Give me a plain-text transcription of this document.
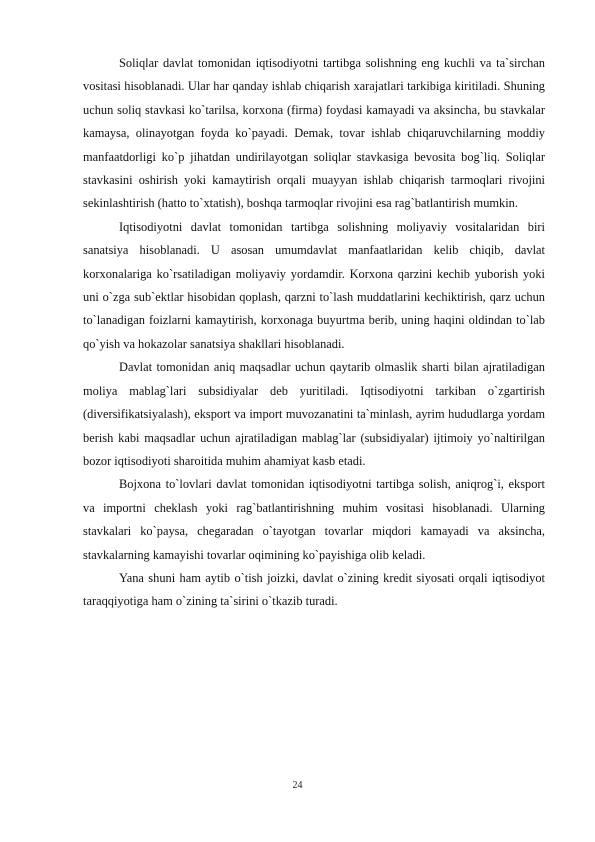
Soliqlar davlat tomonidan iqtisodiyotni tartibga solishning eng kuchli va ta`sirchan vositasi hisoblanadi. Ular har qanday ishlab chiqarish xarajatlari tarkibiga kiritiladi. Shuning uchun soliq stavkasi ko`tarilsa, korxona (firma) foydasi kamayadi va aksincha, bu stavkalar kamaysa, olinayotgan foyda ko`payadi. Demak, tovar ishlab chiqaruvchilarning moddiy manfaatdorligi ko`p jihatdan undirilayotgan soliqlar stavkasiga bevosita bog`liq. Soliqlar stavkasini oshirish yoki kamaytirish orqali muayyan ishlab chiqarish tarmoqlari rivojini sekinlashtirish (hatto to`xtatish), boshqa tarmoqlar rivojini esa rag`batlantirish mumkin.

Iqtisodiyotni davlat tomonidan tartibga solishning moliyaviy vositalaridan biri sanatsiya hisoblanadi. U asosan umumdavlat manfaatlaridan kelib chiqib, davlat korxonalariga ko`rsatiladigan moliyaviy yordamdir. Korxona qarzini kechib yuborish yoki uni o`zga sub`ektlar hisobidan qoplash, qarzni to`lash muddatlarini kechiktirish, qarz uchun to`lanadigan foizlarni kamaytirish, korxonaga buyurtma berib, uning haqini oldindan to`lab qo`yish va hokazolar sanatsiya shakllari hisoblanadi.

Davlat tomonidan aniq maqsadlar uchun qaytarib olmaslik sharti bilan ajratiladigan moliya mablag`lari subsidiyalar deb yuritiladi. Iqtisodiyotni tarkiban o`zgartirish (diversifikatsiyalash), eksport va import muvozanatini ta`minlash, ayrim hududlarga yordam berish kabi maqsadlar uchun ajratiladigan mablag`lar (subsidiyalar) ijtimoiy yo`naltirilgan bozor iqtisodiyoti sharoitida muhim ahamiyat kasb etadi.

Bojxona to`lovlari davlat tomonidan iqtisodiyotni tartibga solish, aniqrog`i, eksport va importni cheklash yoki rag`batlantirishning muhim vositasi hisoblanadi. Ularning stavkalari ko`paysa, chegaradan o`tayotgan tovarlar miqdori kamayadi va aksincha, stavkalarning kamayishi tovarlar oqimining ko`payishiga olib keladi.

Yana shuni ham aytib o`tish joizki, davlat o`zining kredit siyosati orqali iqtisodiyot taraqqiyotiga ham o`zining ta`sirini o`tkazib turadi.

24
